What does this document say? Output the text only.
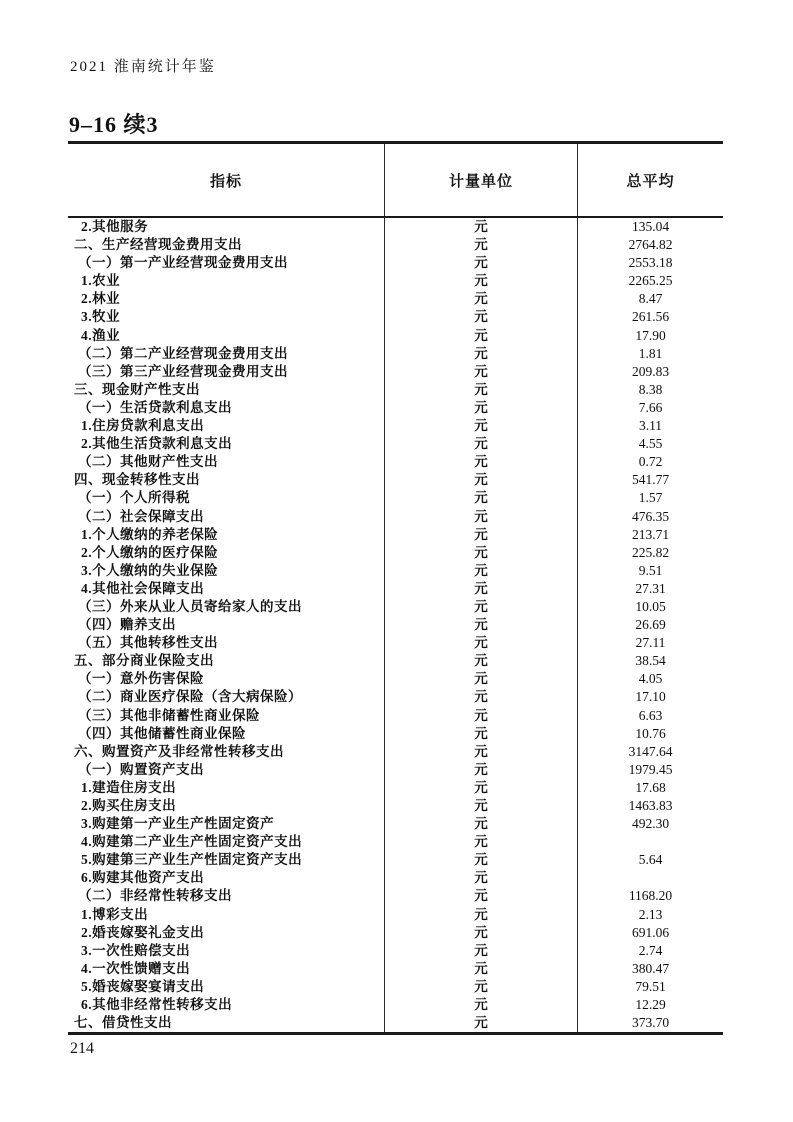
2021 淮南统计年鉴
9–16 续3
指标	计量单位	总平均
2.其他服务	元	135.04
二、生产经营现金费用支出	元	2764.82
（一）第一产业经营现金费用支出	元	2553.18
1.农业	元	2265.25
2.林业	元	8.47
3.牧业	元	261.56
4.渔业	元	17.90
（二）第二产业经营现金费用支出	元	1.81
（三）第三产业经营现金费用支出	元	209.83
三、现金财产性支出	元	8.38
（一）生活贷款利息支出	元	7.66
1.住房贷款利息支出	元	3.11
2.其他生活贷款利息支出	元	4.55
（二）其他财产性支出	元	0.72
四、现金转移性支出	元	541.77
（一）个人所得税	元	1.57
（二）社会保障支出	元	476.35
1.个人缴纳的养老保险	元	213.71
2.个人缴纳的医疗保险	元	225.82
3.个人缴纳的失业保险	元	9.51
4.其他社会保障支出	元	27.31
（三）外来从业人员寄给家人的支出	元	10.05
（四）赡养支出	元	26.69
（五）其他转移性支出	元	27.11
五、部分商业保险支出	元	38.54
（一）意外伤害保险	元	4.05
（二）商业医疗保险（含大病保险）	元	17.10
（三）其他非储蓄性商业保险	元	6.63
（四）其他储蓄性商业保险	元	10.76
六、购置资产及非经常性转移支出	元	3147.64
（一）购置资产支出	元	1979.45
1.建造住房支出	元	17.68
2.购买住房支出	元	1463.83
3.购建第一产业生产性固定资产	元	492.30
4.购建第二产业生产性固定资产支出	元
5.购建第三产业生产性固定资产支出	元	5.64
6.购建其他资产支出	元
（二）非经常性转移支出	元	1168.20
1.博彩支出	元	2.13
2.婚丧嫁娶礼金支出	元	691.06
3.一次性赔偿支出	元	2.74
4.一次性馈赠支出	元	380.47
5.婚丧嫁娶宴请支出	元	79.51
6.其他非经常性转移支出	元	12.29
七、借贷性支出	元	373.70
214
